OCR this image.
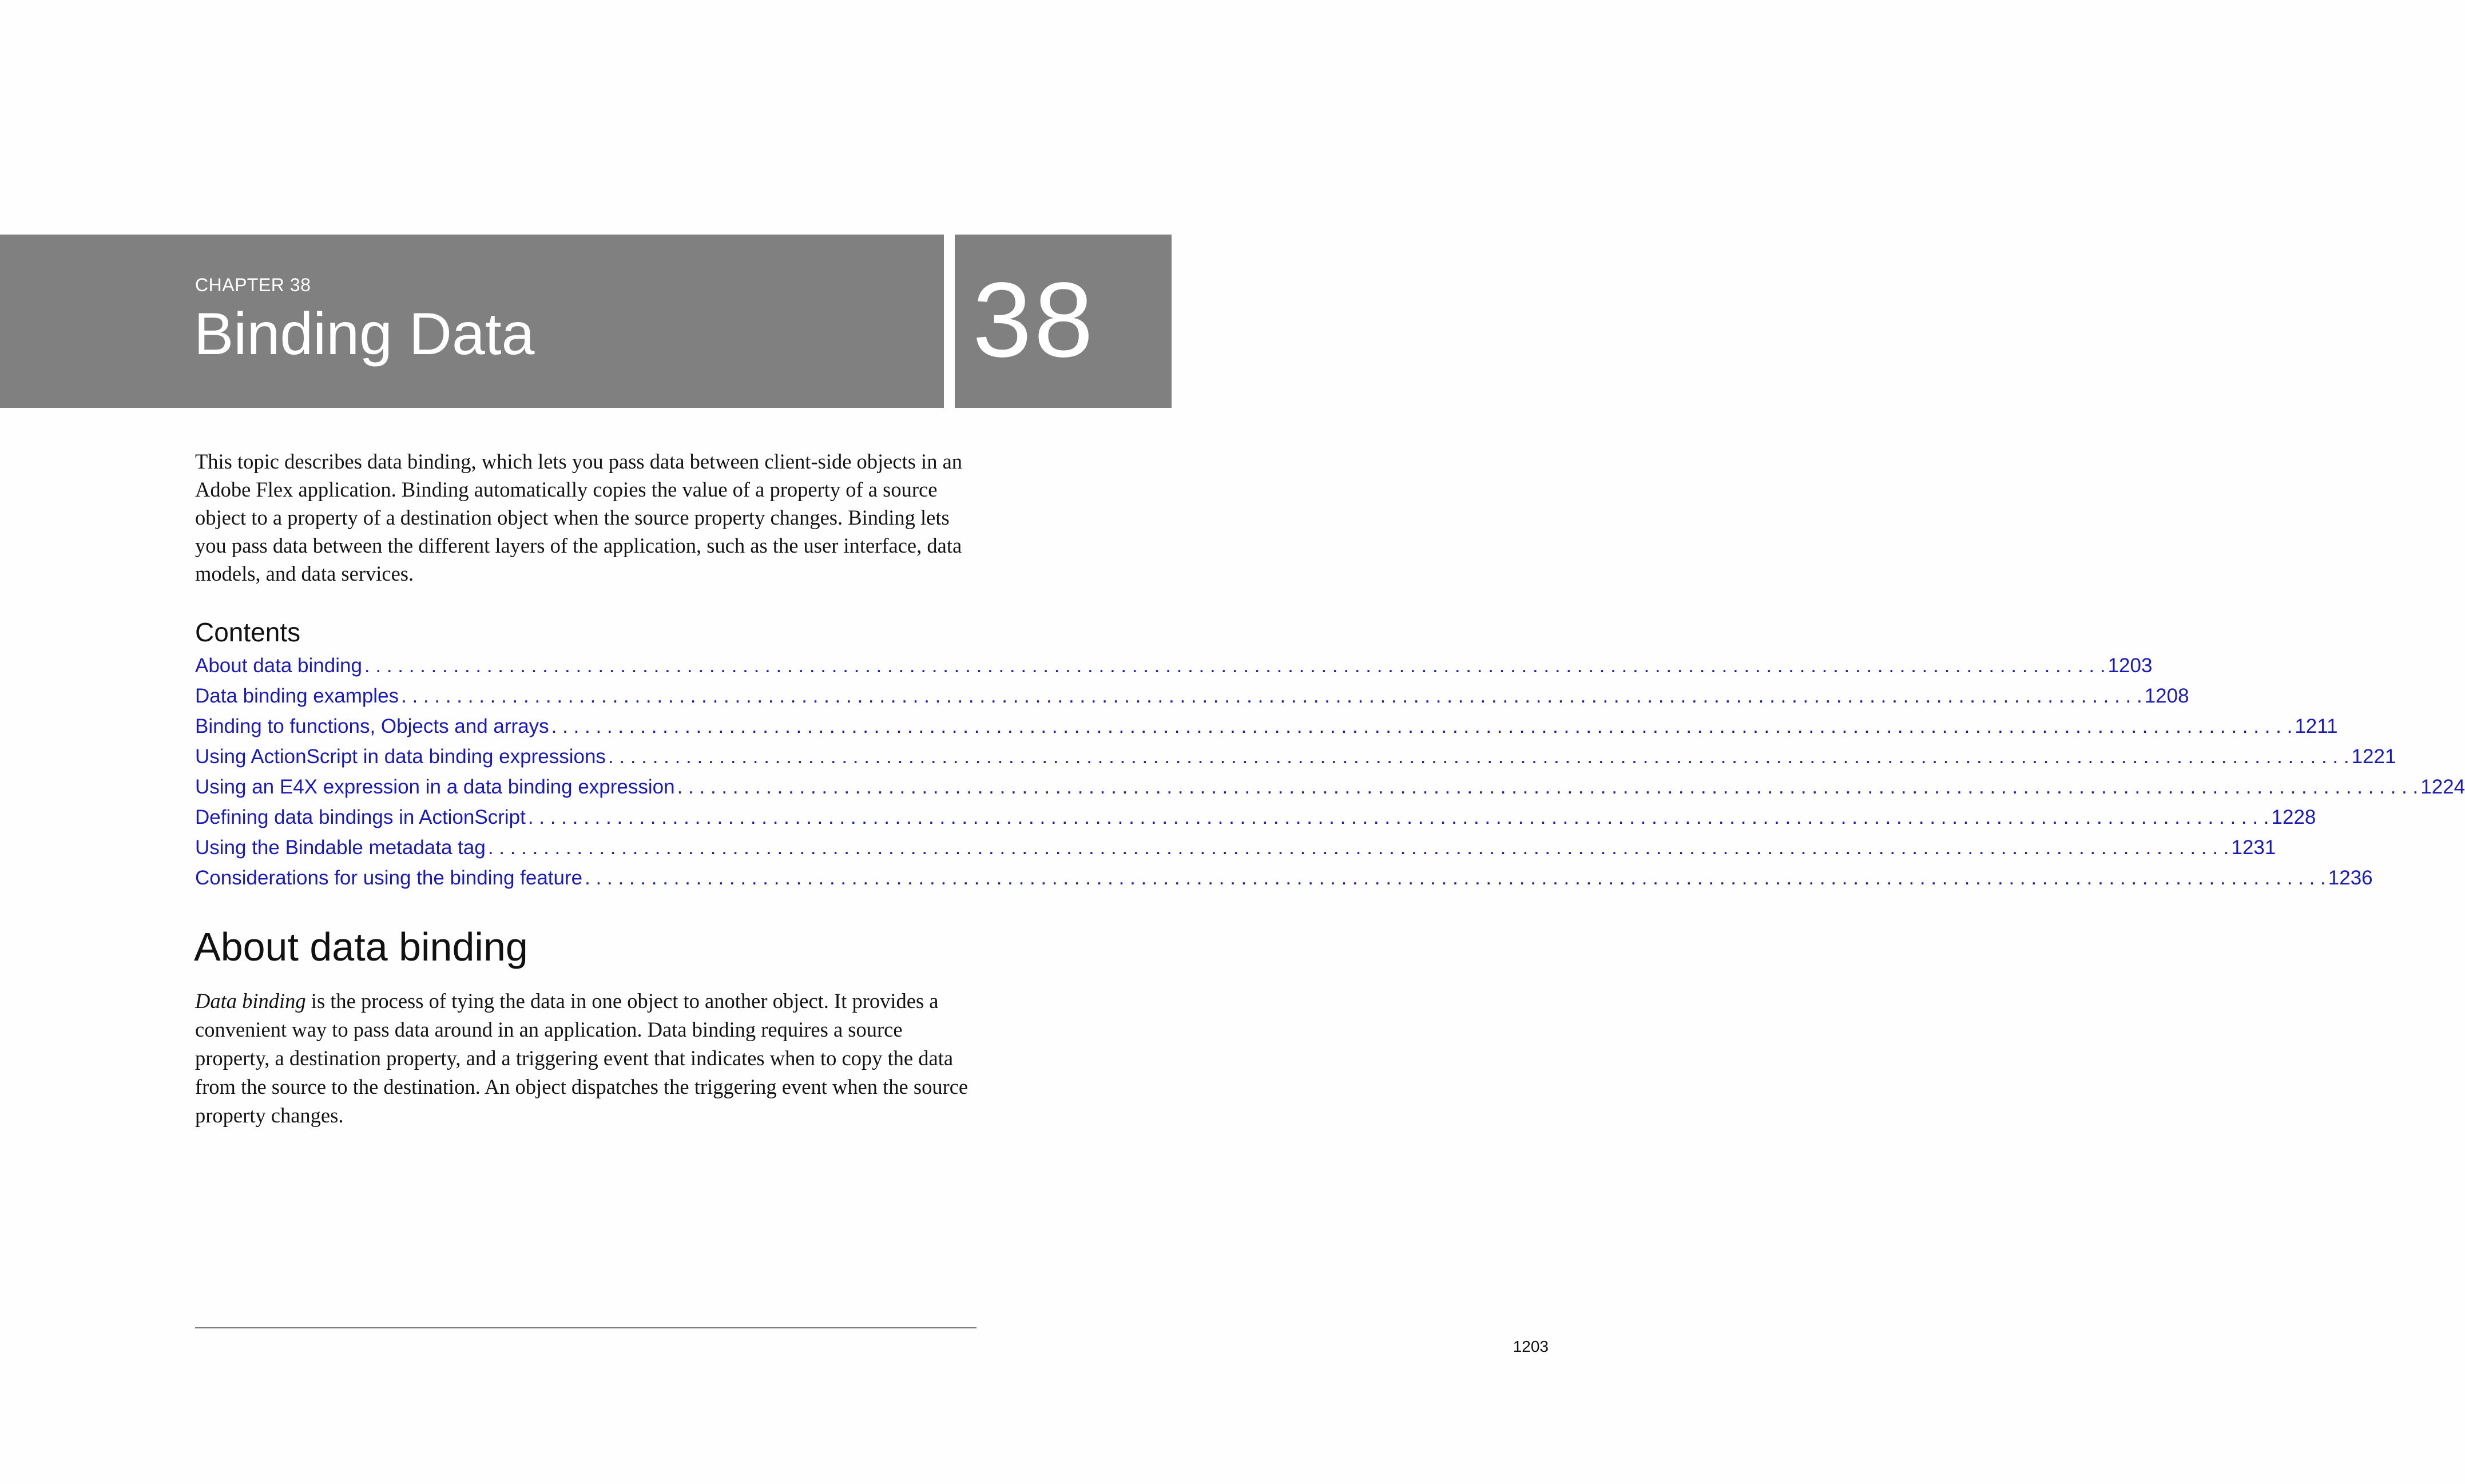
CHAPTER 38
Binding Data	38

This topic describes data binding, which lets you pass data between client-side objects in an Adobe Flex application. Binding automatically copies the value of a property of a source object to a property of a destination object when the source property changes. Binding lets you pass data between the different layers of the application, such as the user interface, data models, and data services.

Contents
About data binding . . .	1203
Data binding examples . . .	1208
Binding to functions, Objects and arrays . . .	1211
Using ActionScript in data binding expressions . . .	1221
Using an E4X expression in a data binding expression . . .	1224
Defining data bindings in ActionScript . . .	1228
Using the Bindable metadata tag . . .	1231
Considerations for using the binding feature . . .	1236
About data binding

Data binding is the process of tying the data in one object to another object. It provides a convenient way to pass data around in an application. Data binding requires a source property, a destination property, and a triggering event that indicates when to copy the data from the source to the destination. An object dispatches the triggering event when the source property changes.

1203
